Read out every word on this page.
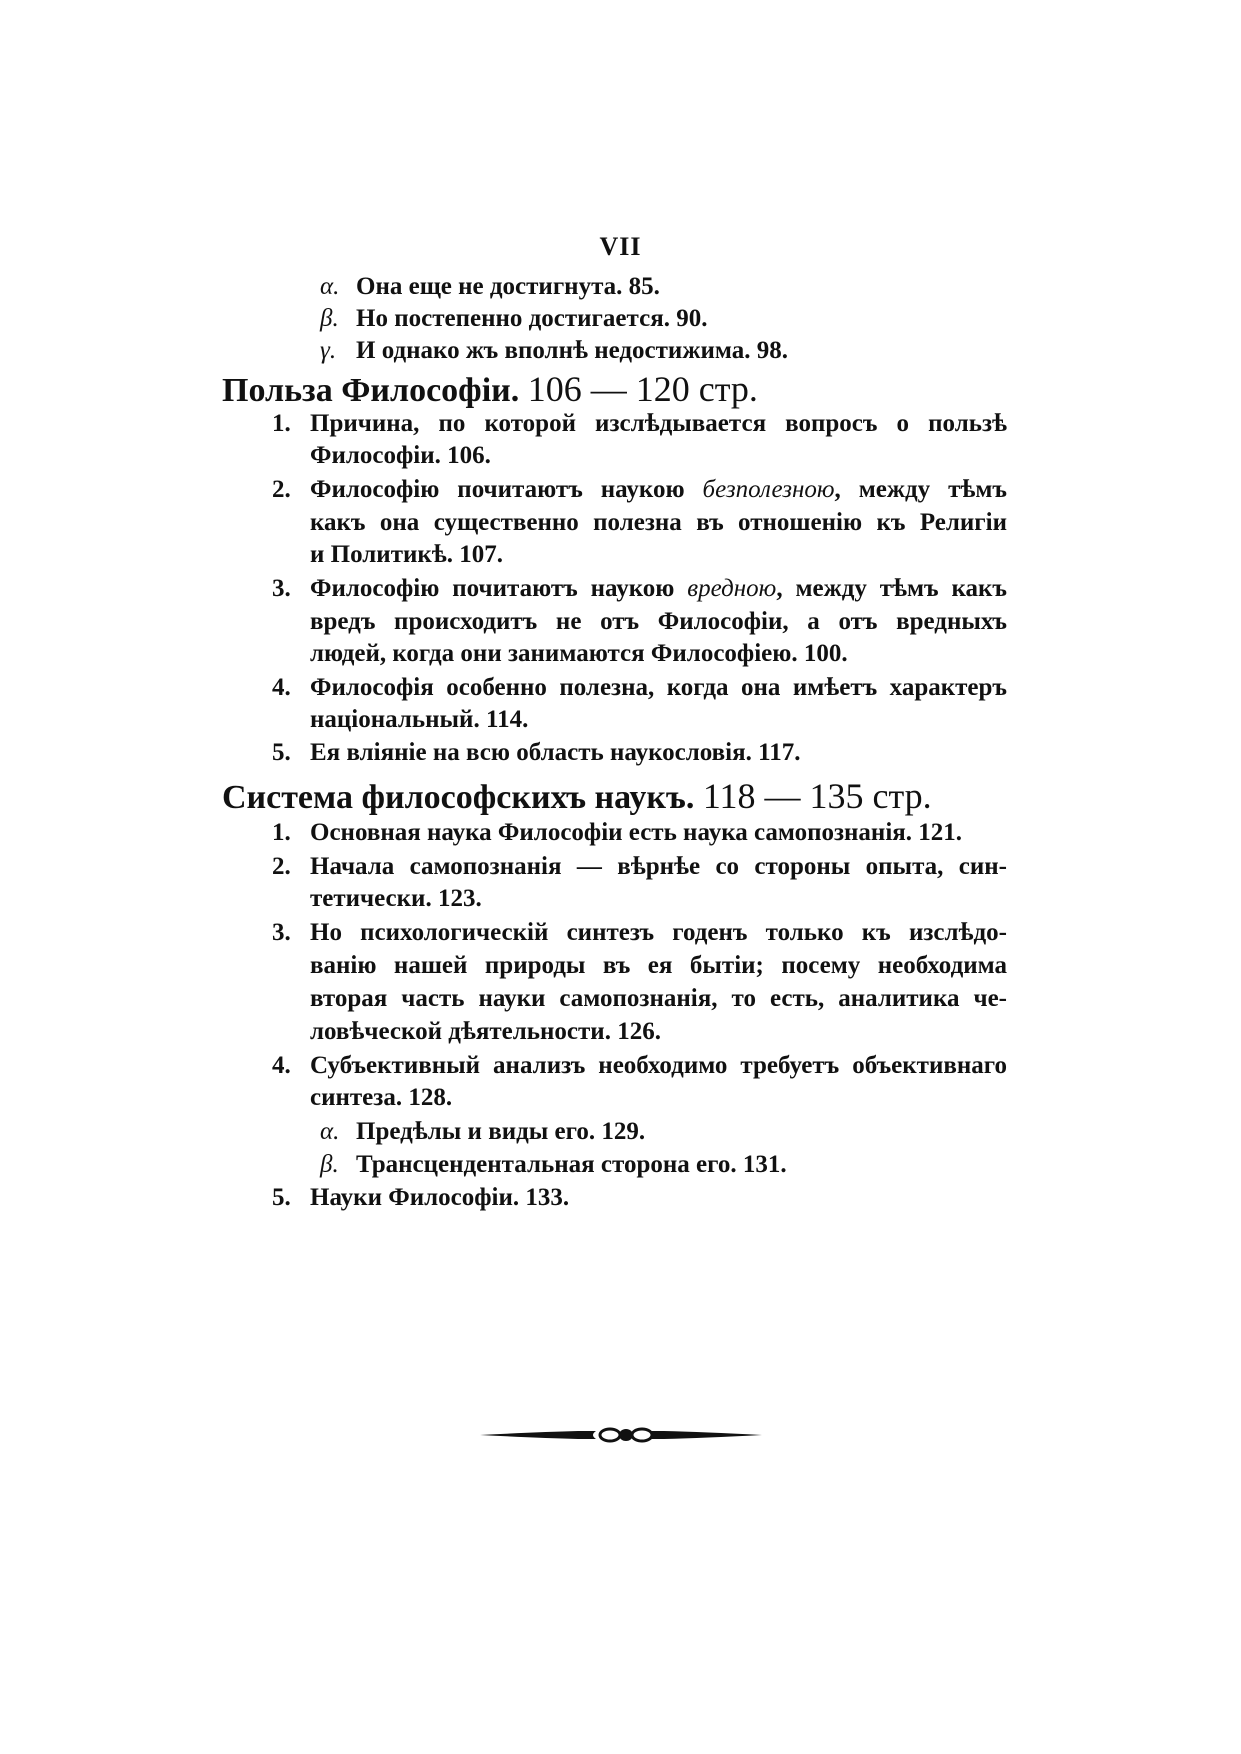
VII
α. Она еще не достигнута. 85.
β. Но постепенно достигается. 90.
γ. И однако жъ вполнѣ недостижима. 98.
Польза Философіи. 106 — 120 стр.
1. Причина, по которой изслѣдывается вопросъ о пользѣ
Философіи. 106.
2. Философію почитаютъ наукою безполезною, между тѣмъ
какъ она существенно полезна въ отношенію къ Религіи
и Политикѣ. 107.
3. Философію почитаютъ наукою вредною, между тѣмъ какъ
вредъ происходитъ не отъ Философіи, а отъ вредныхъ
людей, когда они занимаются Философіею. 100.
4. Философія особенно полезна, когда она имѣетъ характеръ
національный. 114.
5. Ея вліяніе на всю область наукословія. 117.
Система философскихъ наукъ. 118 — 135 стр.
1. Основная наука Философіи есть наука самопознанія. 121.
2. Начала самопознанія — вѣрнѣе со стороны опыта, син-
тетически. 123.
3. Но психологическій синтезъ годенъ только къ изслѣдо-
ванію нашей природы въ ея бытіи; посему необходима
вторая часть науки самопознанія, то есть, аналитика че-
ловѣческой дѣятельности. 126.
4. Субъективный анализъ необходимо требуетъ объективнаго
синтеза. 128.
α. Предѣлы и виды его. 129.
β. Трансцендентальная сторона его. 131.
5. Науки Философіи. 133.
